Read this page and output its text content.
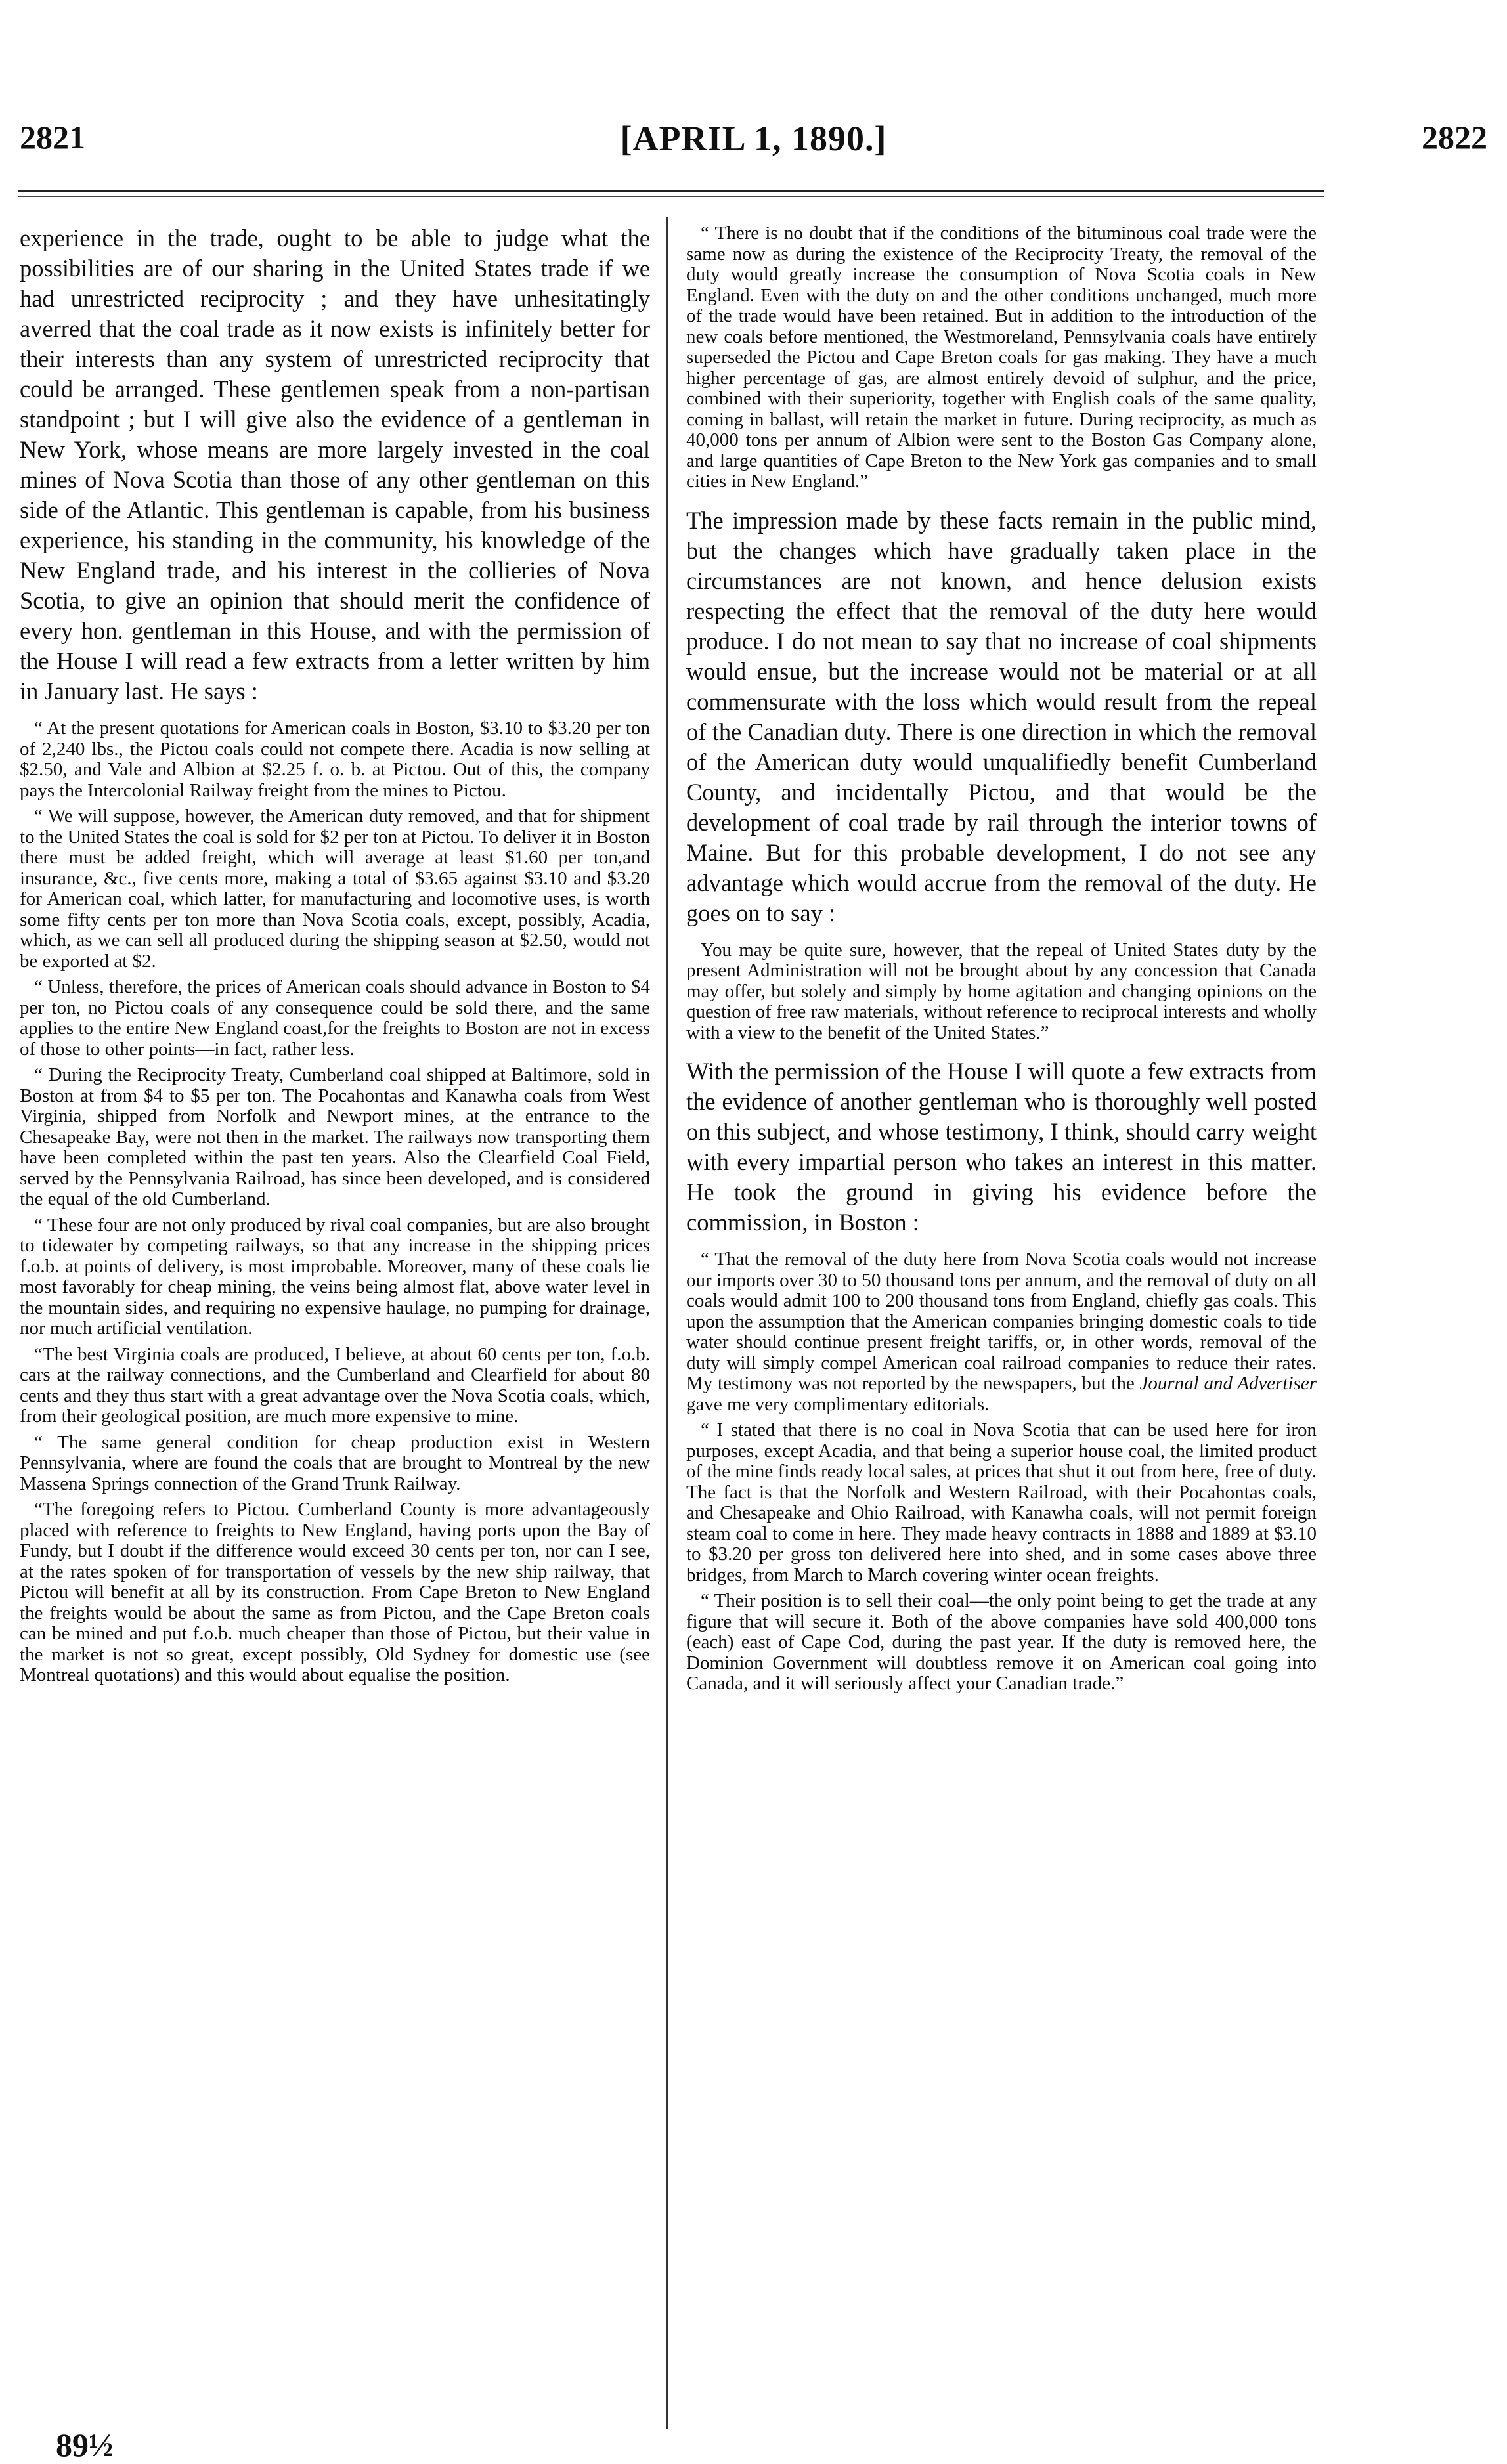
2821	[APRIL 1, 1890.]	2822

experience in the trade, ought to be able to judge what the possibilities are of our sharing in the United States trade if we had unrestricted reciprocity ; and they have unhesitatingly averred that the coal trade as it now exists is infinitely better for their interests than any system of unrestricted reciprocity that could be arranged. These gentlemen speak from a non-partisan standpoint ; but I will give also the evidence of a gentleman in New York, whose means are more largely invested in the coal mines of Nova Scotia than those of any other gentleman on this side of the Atlantic. This gentleman is capable, from his business experience, his standing in the community, his knowledge of the New England trade, and his interest in the collieries of Nova Scotia, to give an opinion that should merit the confidence of every hon. gentleman in this House, and with the permission of the House I will read a few extracts from a letter written by him in January last. He says :

“ At the present quotations for American coals in Boston, $3.10 to $3.20 per ton of 2,240 lbs., the Pictou coals could not compete there. Acadia is now selling at $2.50, and Vale and Albion at $2.25 f. o. b. at Pictou. Out of this, the company pays the Intercolonial Railway freight from the mines to Pictou.

“ We will suppose, however, the American duty removed, and that for shipment to the United States the coal is sold for $2 per ton at Pictou. To deliver it in Boston there must be added freight, which will average at least $1.60 per ton,and insurance, &c., five cents more, making a total of $3.65 against $3.10 and $3.20 for American coal, which latter, for manufacturing and locomotive uses, is worth some fifty cents per ton more than Nova Scotia coals, except, possibly, Acadia, which, as we can sell all produced during the shipping season at $2.50, would not be exported at $2.

“ Unless, therefore, the prices of American coals should advance in Boston to $4 per ton, no Pictou coals of any consequence could be sold there, and the same applies to the entire New England coast,for the freights to Boston are not in excess of those to other points—in fact, rather less.

“ During the Reciprocity Treaty, Cumberland coal shipped at Baltimore, sold in Boston at from $4 to $5 per ton. The Pocahontas and Kanawha coals from West Virginia, shipped from Norfolk and Newport mines, at the entrance to the Chesapeake Bay, were not then in the market. The railways now transporting them have been completed within the past ten years. Also the Clearfield Coal Field, served by the Pennsylvania Railroad, has since been developed, and is considered the equal of the old Cumberland.

“ These four are not only produced by rival coal companies, but are also brought to tidewater by competing railways, so that any increase in the shipping prices f.o.b. at points of delivery, is most improbable. Moreover, many of these coals lie most favorably for cheap mining, the veins being almost flat, above water level in the mountain sides, and requiring no expensive haulage, no pumping for drainage, nor much artificial ventilation.

“The best Virginia coals are produced, I believe, at about 60 cents per ton, f.o.b. cars at the railway connections, and the Cumberland and Clearfield for about 80 cents and they thus start with a great advantage over the Nova Scotia coals, which, from their geological position, are much more expensive to mine.

“ The same general condition for cheap production exist in Western Pennsylvania, where are found the coals that are brought to Montreal by the new Massena Springs connection of the Grand Trunk Railway.

“The foregoing refers to Pictou. Cumberland County is more advantageously placed with reference to freights to New England, having ports upon the Bay of Fundy, but I doubt if the difference would exceed 30 cents per ton, nor can I see, at the rates spoken of for transportation of vessels by the new ship railway, that Pictou will benefit at all by its construction. From Cape Breton to New England the freights would be about the same as from Pictou, and the Cape Breton coals can be mined and put f.o.b. much cheaper than those of Pictou, but their value in the market is not so great, except possibly, Old Sydney for domestic use (see Montreal quotations) and this would about equalise the position.

“ There is no doubt that if the conditions of the bituminous coal trade were the same now as during the existence of the Reciprocity Treaty, the removal of the duty would greatly increase the consumption of Nova Scotia coals in New England. Even with the duty on and the other conditions unchanged, much more of the trade would have been retained. But in addition to the introduction of the new coals before mentioned, the Westmoreland, Pennsylvania coals have entirely superseded the Pictou and Cape Breton coals for gas making. They have a much higher percentage of gas, are almost entirely devoid of sulphur, and the price, combined with their superiority, together with English coals of the same quality, coming in ballast, will retain the market in future. During reciprocity, as much as 40,000 tons per annum of Albion were sent to the Boston Gas Company alone, and large quantities of Cape Breton to the New York gas companies and to small cities in New England.”

The impression made by these facts remain in the public mind, but the changes which have gradually taken place in the circumstances are not known, and hence delusion exists respecting the effect that the removal of the duty here would produce. I do not mean to say that no increase of coal shipments would ensue, but the increase would not be material or at all commensurate with the loss which would result from the repeal of the Canadian duty. There is one direction in which the removal of the American duty would unqualifiedly benefit Cumberland County, and incidentally Pictou, and that would be the development of coal trade by rail through the interior towns of Maine. But for this probable development, I do not see any advantage which would accrue from the removal of the duty. He goes on to say :

You may be quite sure, however, that the repeal of United States duty by the present Administration will not be brought about by any concession that Canada may offer, but solely and simply by home agitation and changing opinions on the question of free raw materials, without reference to reciprocal interests and wholly with a view to the benefit of the United States.”

With the permission of the House I will quote a few extracts from the evidence of another gentleman who is thoroughly well posted on this subject, and whose testimony, I think, should carry weight with every impartial person who takes an interest in this matter. He took the ground in giving his evidence before the commission, in Boston :

“ That the removal of the duty here from Nova Scotia coals would not increase our imports over 30 to 50 thousand tons per annum, and the removal of duty on all coals would admit 100 to 200 thousand tons from England, chiefly gas coals. This upon the assumption that the American companies bringing domestic coals to tide water should continue present freight tariffs, or, in other words, removal of the duty will simply compel American coal railroad companies to reduce their rates. My testimony was not reported by the newspapers, but the Journal and Advertiser gave me very complimentary editorials.

“ I stated that there is no coal in Nova Scotia that can be used here for iron purposes, except Acadia, and that being a superior house coal, the limited product of the mine finds ready local sales, at prices that shut it out from here, free of duty. The fact is that the Norfolk and Western Railroad, with their Pocahontas coals, and Chesapeake and Ohio Railroad, with Kanawha coals, will not permit foreign steam coal to come in here. They made heavy contracts in 1888 and 1889 at $3.10 to $3.20 per gross ton delivered here into shed, and in some cases above three bridges, from March to March covering winter ocean freights.

“ Their position is to sell their coal—the only point being to get the trade at any figure that will secure it. Both of the above companies have sold 400,000 tons (each) east of Cape Cod, during the past year. If the duty is removed here, the Dominion Government will doubtless remove it on American coal going into Canada, and it will seriously affect your Canadian trade.”

89½
